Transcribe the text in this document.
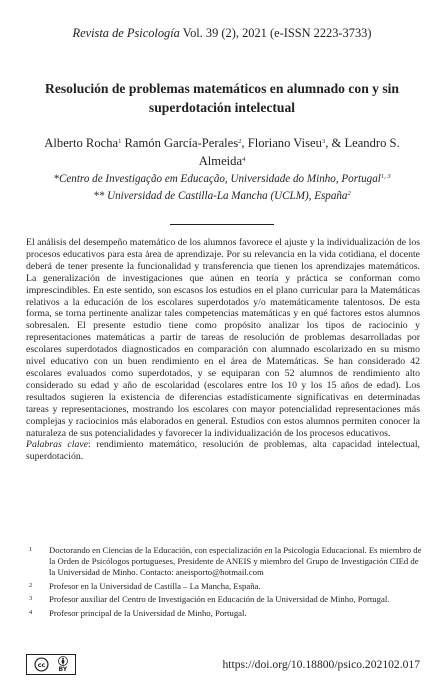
Revista de Psicología Vol. 39 (2), 2021 (e-ISSN 2223-3733)
Resolución de problemas matemáticos en alumnado con y sin superdotación intelectual
Alberto Rocha$^1$ Ramón García-Perales$^2$, Floriano Viseu$^3$, & Leandro S. Almeida$^4$
*Centro de Investigação em Educação, Universidade do Minho, Portugal$^{1, 3}$
** Universidad de Castilla-La Mancha (UCLM), España$^2$

El análisis del desempeño matemático de los alumnos favorece el ajuste y la individualización de los procesos educativos para esta área de aprendizaje. Por su relevancia en la vida cotidiana, el docente deberá de tener presente la funcionalidad y transferencia que tienen los aprendizajes matemáticos. La generalización de investigaciones que aúnen en teoría y práctica se conforman como imprescindibles. En este sentido, son escasos los estudios en el plano curricular para la Matemáticas relativos a la educación de los escolares superdotados y/o matemáticamente talentosos. De esta forma, se torna pertinente analizar tales competencias matemáticas y en qué factores estos alumnos sobresalen. El presente estudio tiene como propósito analizar los tipos de raciocinio y representaciones matemáticas a partir de tareas de resolución de problemas desarrolladas por escolares superdotados diagnosticados en comparación con alumnado escolarizado en su mismo nivel educativo con un buen rendimiento en el área de Matemáticas. Se han considerado 42 escolares evaluados como superdotados, y se equiparan con 52 alumnos de rendimiento alto considerado su edad y año de escolaridad (escolares entre los 10 y los 15 años de edad). Los resultados sugieren la existencia de diferencias estadísticamente significativas en determinadas tareas y representaciones, mostrando los escolares con mayor potencialidad representaciones más complejas y raciocinios más elaborados en general. Estudios con estos alumnos permiten conocer la naturaleza de sus potencialidades y favorecer la individualización de los procesos educativos.

Palabras clave: rendimiento matemático, resolución de problemas, alta capacidad intelectual, superdotación.

1	Doctorando en Ciencias de la Educación, con especialización en la Psicología Educacional. Es miembro de la Orden de Psicólogos portugueses, Presidente de ANEIS y miembro del Grupo de Investigación CIEd de la Universidad de Minho. Contacto: aneisporto@hotmail.com
2	Profesor en la Universidad de Castilla – La Mancha, España.
3	Profesor auxiliar del Centro de Investigación en Educación de la Universidad de Minho, Portugal.
4	Profesor principal de la Universidad de Minho, Portugal.
cc
BY	https://doi.org/10.18800/psico.202102.017
